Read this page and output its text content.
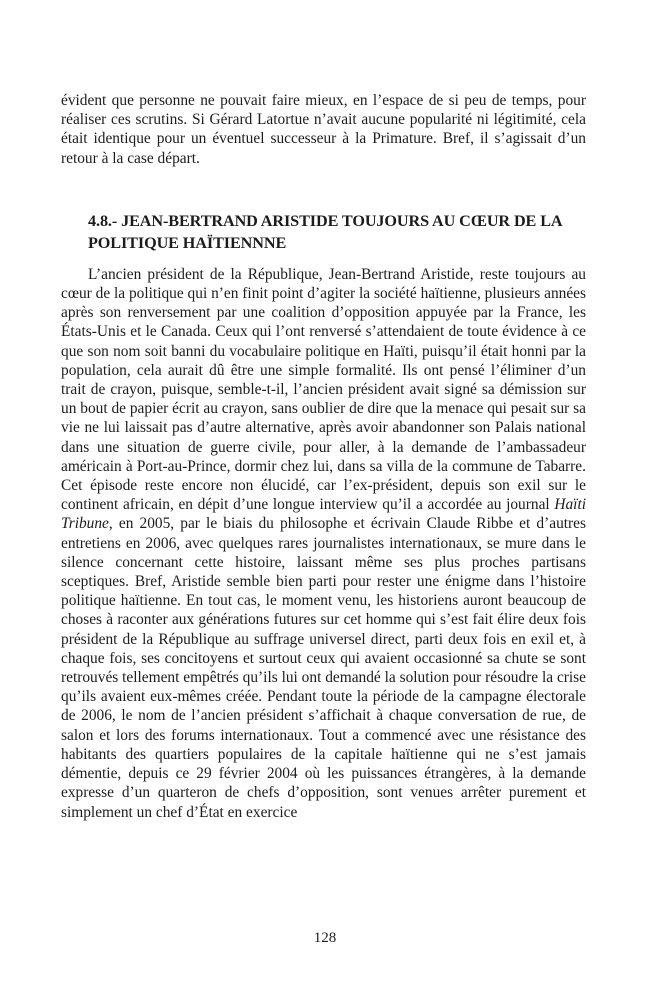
évident que personne ne pouvait faire mieux, en l’espace de si peu de temps, pour réaliser ces scrutins. Si Gérard Latortue n’avait aucune popularité ni légitimité, cela était identique pour un éventuel successeur à la Primature. Bref, il s’agissait d’un retour à la case départ.

4.8.- JEAN-BERTRAND ARISTIDE TOUJOURS AU CŒUR DE LA POLITIQUE HAÏTIENNNE

L’ancien président de la République, Jean-Bertrand Aristide, reste toujours au cœur de la politique qui n’en finit point d’agiter la société haïtienne, plusieurs années après son renversement par une coalition d’opposition appuyée par la France, les États-Unis et le Canada. Ceux qui l’ont renversé s’attendaient de toute évidence à ce que son nom soit banni du vocabulaire politique en Haïti, puisqu’il était honni par la population, cela aurait dû être une simple formalité. Ils ont pensé l’éliminer d’un trait de crayon, puisque, semble-t-il, l’ancien président avait signé sa démission sur un bout de papier écrit au crayon, sans oublier de dire que la menace qui pesait sur sa vie ne lui laissait pas d’autre alternative, après avoir abandonner son Palais national dans une situation de guerre civile, pour aller, à la demande de l’ambassadeur américain à Port-au-Prince, dormir chez lui, dans sa villa de la commune de Tabarre. Cet épisode reste encore non élucidé, car l’ex-président, depuis son exil sur le continent africain, en dépit d’une longue interview qu’il a accordée au journal Haïti Tribune, en 2005, par le biais du philosophe et écrivain Claude Ribbe et d’autres entretiens en 2006, avec quelques rares journalistes internationaux, se mure dans le silence concernant cette histoire, laissant même ses plus proches partisans sceptiques. Bref, Aristide semble bien parti pour rester une énigme dans l’histoire politique haïtienne. En tout cas, le moment venu, les historiens auront beaucoup de choses à raconter aux générations futures sur cet homme qui s’est fait élire deux fois président de la République au suffrage universel direct, parti deux fois en exil et, à chaque fois, ses concitoyens et surtout ceux qui avaient occasionné sa chute se sont retrouvés tellement empêtrés qu’ils lui ont demandé la solution pour résoudre la crise qu’ils avaient eux-mêmes créée. Pendant toute la période de la campagne électorale de 2006, le nom de l’ancien président s’affichait à chaque conversation de rue, de salon et lors des forums internationaux. Tout a commencé avec une résistance des habitants des quartiers populaires de la capitale haïtienne qui ne s’est jamais démentie, depuis ce 29 février 2004 où les puissances étrangères, à la demande expresse d’un quarteron de chefs d’opposition, sont venues arrêter purement et simplement un chef d’État en exercice

128
